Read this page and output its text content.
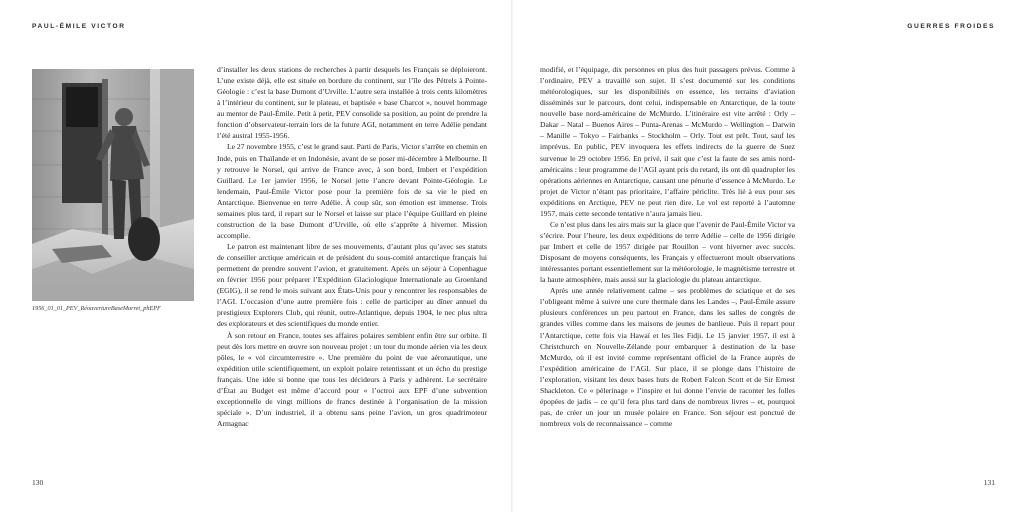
PAUL-ÉMILE VICTOR	GUERRES FROIDES
1956_01_01_PEV_RéouvertureBaseMarret_phEPF

d’installer les deux stations de recherches à partir desquels les Français se déploieront. L’une existe déjà, elle est située en bordure du continent, sur l’île des Pétrels à Pointe-Géologie : c’est la base Dumont d’Urville. L’autre sera installée à trois cents kilomètres à l’intérieur du continent, sur le plateau, et baptisée « base Charcot », nouvel hommage au mentor de Paul-Émile. Petit à petit, PEV consolide sa position, au point de prendre la fonction d’observateur-terrain lors de la future AGI, notamment en terre Adélie pendant l’été austral 1955-1956.

Le 27 novembre 1955, c’est le grand saut. Parti de Paris, Victor s’arrête en chemin en Inde, puis en Thaïlande et en Indonésie, avant de se poser mi-décembre à Melbourne. Il y retrouve le Norsel, qui arrive de France avec, à son bord, Imbert et l’expédition Guillard. Le 1er janvier 1956, le Norsel jette l’ancre devant Pointe-Géologie. Le lendemain, Paul-Émile Victor pose pour la première fois de sa vie le pied en Antarctique. Bienvenue en terre Adélie. À coup sûr, son émotion est immense. Trois semaines plus tard, il repart sur le Norsel et laisse sur place l’équipe Guillard en pleine construction de la base Dumont d’Urville, où elle s’apprête à hiverner. Mission accomplie.

Le patron est maintenant libre de ses mouvements, d’autant plus qu’avec ses statuts de conseiller arctique américain et de président du sous-comité antarctique français lui permettent de prendre souvent l’avion, et gratuitement. Après un séjour à Copenhague en février 1956 pour préparer l’Expédition Glaciologique Internationale au Groenland (EGIG), il se rend le mois suivant aux États-Unis pour y rencontrer les responsables de l’AGI. L’occasion d’une autre première fois : celle de participer au dîner annuel du prestigieux Explorers Club, qui réunit, outre-Atlantique, depuis 1904, le nec plus ultra des explorateurs et des scientifiques du monde entier.

À son retour en France, toutes ses affaires polaires semblent enfin être sur orbite. Il peut dès lors mettre en œuvre son nouveau projet : un tour du monde aérien via les deux pôles, le « vol circumterrestre ». Une première du point de vue aéronautique, une expédition utile scientifiquement, un exploit polaire retentissant et un écho du prestige français. Une idée si bonne que tous les décideurs à Paris y adhèrent. Le secrétaire d’État au Budget est même d’accord pour « l’octroi aux EPF d’une subvention exceptionnelle de vingt millions de francs destinée à l’organisation de la mission spéciale ». D’un industriel, il a obtenu sans peine l’avion, un gros quadrimoteur Armagnac

modifié, et l’équipage, dix personnes en plus des huit passagers prévus. Comme à l’ordinaire, PEV a travaillé son sujet. Il s’est documenté sur les conditions météorologiques, sur les disponibilités en essence, les terrains d’aviation disséminés sur le parcours, dont celui, indispensable en Antarctique, de la toute nouvelle base nord-américaine de McMurdo. L’itinéraire est vite arrêté : Orly – Dakar – Natal – Buenos Aires – Punta-Arenas – McMurdo – Wellington – Darwin – Manille – Tokyo – Fairbanks – Stockholm – Orly. Tout est prêt. Tout, sauf les imprévus. En public, PEV invoquera les effets indirects de la guerre de Suez survenue le 29 octobre 1956. En privé, il sait que c’est la faute de ses amis nord-américains : leur programme de l’AGI ayant pris du retard, ils ont dû quadrupler les opérations aériennes en Antarctique, causant une pénurie d’essence à McMurdo. Le projet de Victor n’étant pas prioritaire, l’affaire périclite. Très lié à eux pour ses expéditions en Arctique, PEV ne peut rien dire. Le vol est reporté à l’automne 1957, mais cette seconde tentative n’aura jamais lieu.

Ce n’est plus dans les airs mais sur la glace que l’avenir de Paul-Émile Victor va s’écrire. Pour l’heure, les deux expéditions de terre Adélie – celle de 1956 dirigée par Imbert et celle de 1957 dirigée par Rouillon – vont hiverner avec succès. Disposant de moyens conséquents, les Français y effectueront moult observations intéressantes portant essentiellement sur la météorologie, le magnétisme terrestre et la haute atmosphère, mais aussi sur la glaciologie du plateau antarctique.

Après une année relativement calme – ses problèmes de sciatique et de ses l’obligeant même à suivre une cure thermale dans les Landes –, Paul-Émile assure plusieurs conférences un peu partout en France, dans les salles de congrès de grandes villes comme dans les maisons de jeunes de banlieue. Puis il repart pour l’Antarctique, cette fois via Hawaï et les îles Fidji. Le 15 janvier 1957, il est à Christchurch en Nouvelle-Zélande pour embarquer à destination de la base McMurdo, où il est invité comme représentant officiel de la France auprès de l’expédition américaine de l’AGI. Sur place, il se plonge dans l’histoire de l’exploration, visitant les deux bases huts de Robert Falcon Scott et de Sir Ernest Shackleton. Ce « pèlerinage » l’inspire et lui donne l’envie de raconter les folles épopées de jadis – ce qu’il fera plus tard dans de nombreux livres – et, pourquoi pas, de créer un jour un musée polaire en France. Son séjour est ponctué de nombreux vols de reconnaissance – comme

130	131
